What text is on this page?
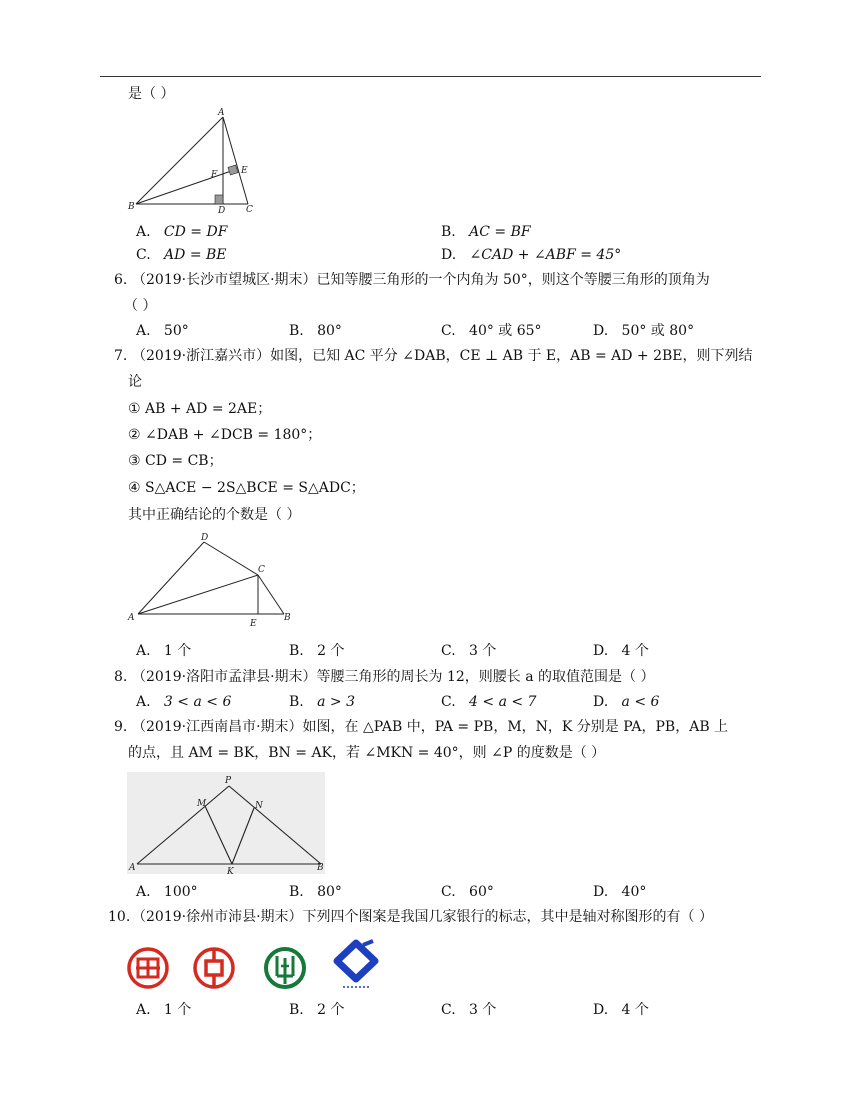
是（ ）
A
B	C
D
E
F
A. CD = DF	B. AC = BF
C. AD = BE	D. ∠CAD + ∠ABF = 45°
6. （2019·长沙市望城区·期末）已知等腰三角形的一个内角为 50°，则这个等腰三角形的顶角为
（ ）
A. 50°	B. 80°	C. 40° 或 65°	D. 50° 或 80°
7. （2019·浙江嘉兴市）如图，已知 AC 平分 ∠DAB，CE ⊥ AB 于 E，AB = AD + 2BE，则下列结
论
① AB + AD = 2AE；
② ∠DAB + ∠DCB = 180°；
③ CD = CB；
④ S△ACE − 2S△BCE = S△ADC；
其中正确结论的个数是（ ）
D
C
A
E
B
A. 1 个	B. 2 个	C. 3 个	D. 4 个
8. （2019·洛阳市孟津县·期末）等腰三角形的周长为 12，则腰长 a 的取值范围是（ ）
A. 3 < a < 6	B. a > 3	C. 4 < a < 7	D. a < 6
9. （2019·江西南昌市·期末）如图，在 △PAB 中，PA = PB，M，N，K 分别是 PA，PB，AB 上
的点，且 AM = BK，BN = AK，若 ∠MKN = 40°，则 ∠P 的度数是（ ）
P
M	N
A	K	B
A. 100°	B. 80°	C. 60°	D. 40°
10. （2019·徐州市沛县·期末）下列四个图案是我国几家银行的标志，其中是轴对称图形的有（ ）
A. 1 个	B. 2 个	C. 3 个	D. 4 个
